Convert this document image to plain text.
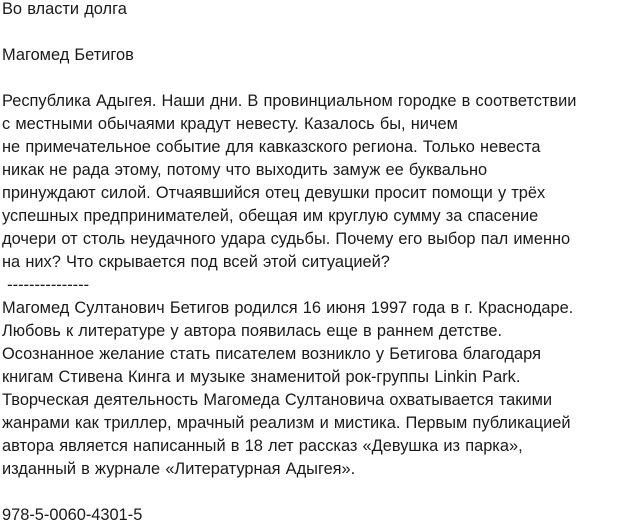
Во власти долга
Магомед Бетигов
Республика Адыгея. Наши дни. В провинциальном городке в соответствии
с местными обычаями крадут невесту. Казалось бы, ничем
не примечательное событие для кавказского региона. Только невеста
никак не рада этому, потому что выходить замуж ее буквально
принуждают силой. Отчаявшийся отец девушки просит помощи у трёх
успешных предпринимателей, обещая им круглую сумму за спасение
дочери от столь неудачного удара судьбы. Почему его выбор пал именно
на них? Что скрывается под всей этой ситуацией?
---------------
Магомед Султанович Бетигов родился 16 июня 1997 года в г. Краснодаре.
Любовь к литературе у автора появилась еще в раннем детстве.
Осознанное желание стать писателем возникло у Бетигова благодаря
книгам Стивена Кинга и музыке знаменитой рок-группы Linkin Park.
Творческая деятельность Магомеда Султановича охватывается такими
жанрами как триллер, мрачный реализм и мистика. Первым публикацией
автора является написанный в 18 лет рассказ «Девушка из парка»,
изданный в журнале «Литературная Адыгея».
978-5-0060-4301-5
